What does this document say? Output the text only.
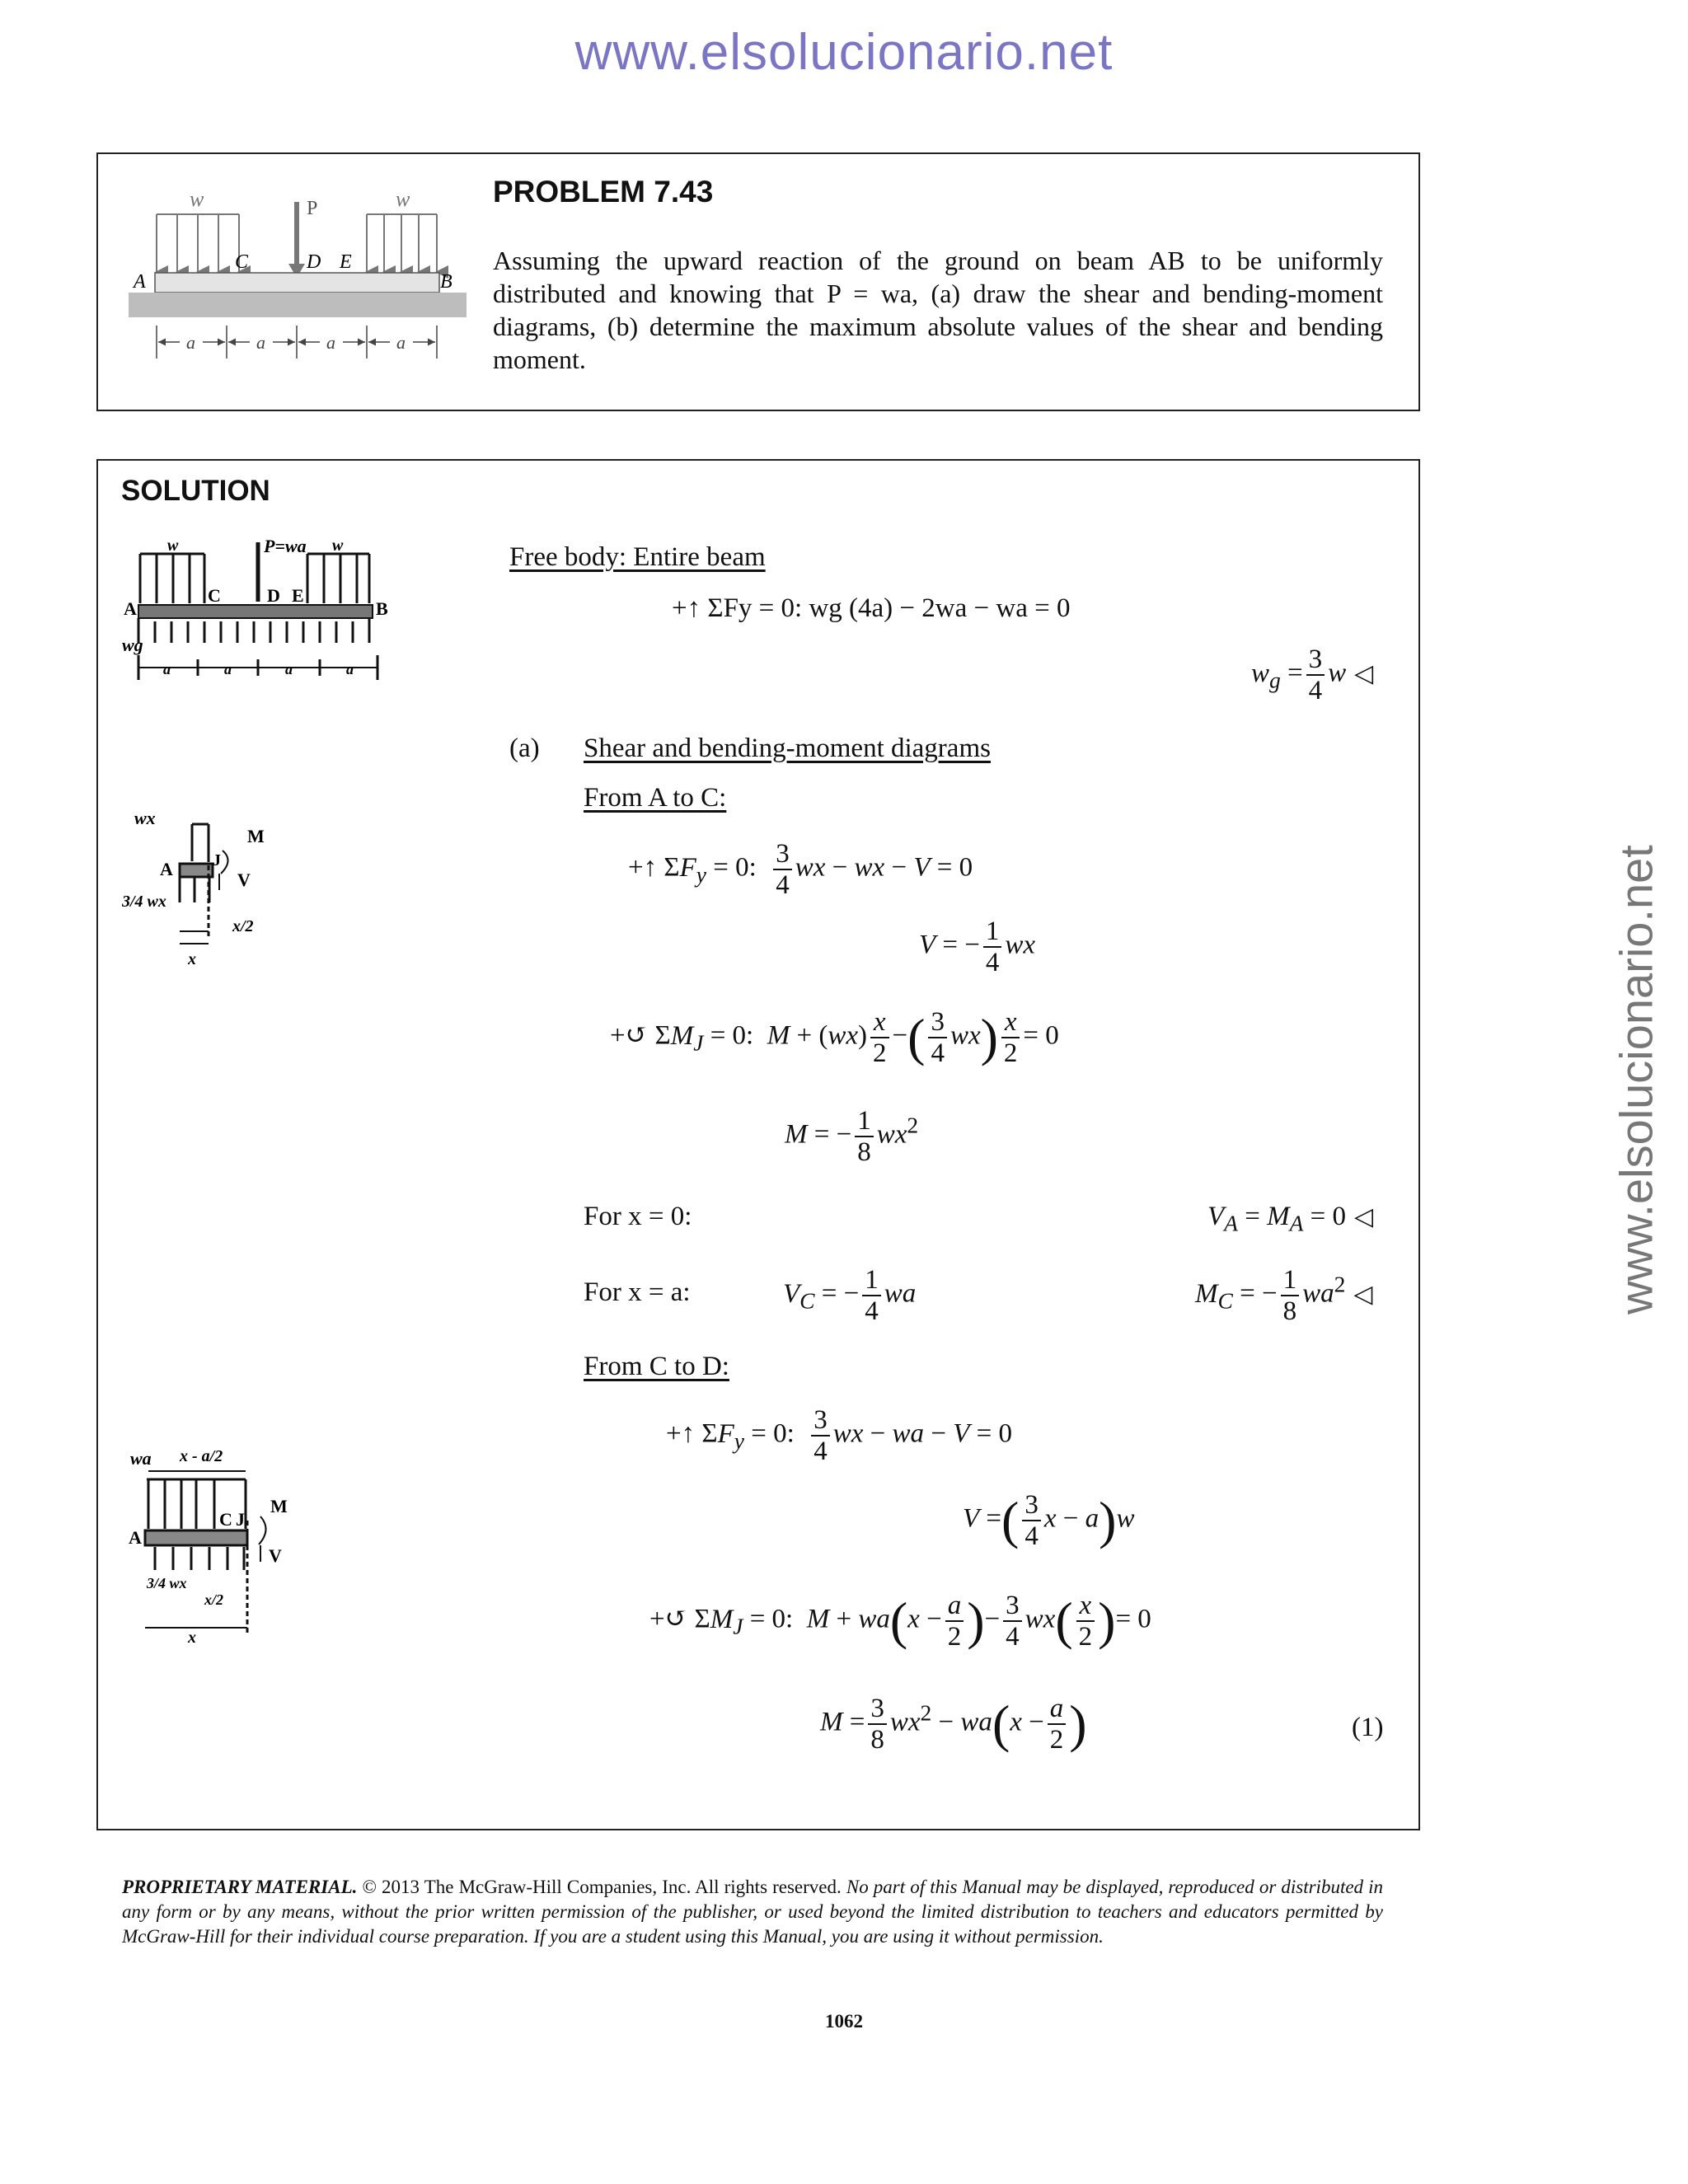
www.elsolucionario.net
www.elsolucionario.net
w	w
P
A	B
C	D E
a	a	a	a
PROBLEM 7.43
Assuming the upward reaction of the ground on beam AB to be uniformly distributed and knowing that P = wa, (a) draw the shear and bending-moment diagrams, (b) determine the maximum absolute values of the shear and bending moment.
SOLUTION
w	P=wa w
A	B
C	D E
wg
a	a	a	a
wx
A J
M
V
3/4 wx
x/2
x
wa x - a/2
A
C J
M
V
3/4 wx
x/2
x
Free body: Entire beam
+↑ ΣFy = 0: wg (4a) − 2wa − wa = 0
$w_g = \frac{3}{4}$ w ◁
(a) Shear and bending-moment diagrams
From A to C:
+↑ $\Sigma F_y = 0$: $\frac{3}{4}$ wx − wx − V = 0
V = − $\frac{1}{4}$ wx
+↺ $\Sigma M_J = 0$:  $M + (wx) \frac{x}{2}$ −( $\frac{3}{4} wx) \frac{x}{2} = 0$
M = − $\frac{1}{8} wx^2$
For x = 0:	$V_A = M_A = 0$ ◁
For x = a:	$V_C$ = − $\frac{1}{4}$ wa	$M_C$ = − $\frac{1}{8} wa^2$ ◁
From C to D:
+↑ $\Sigma F_y = 0$: $\frac{3}{4}$ wx − wa − V = 0
V =( $\frac{3}{4}$ x − a)w
+↺ $\Sigma M_J = 0$:  $M + wa(x - \frac{a}{2}$ )− $\frac{3}{4} wx( \frac{x}{2}$ )= 0
$M = \frac{3}{8} wx^2 - wa(x - \frac{a}{2}$ )	(1)
PROPRIETARY MATERIAL. © 2013 The McGraw-Hill Companies, Inc. All rights reserved. No part of this Manual may be displayed, reproduced or distributed in any form or by any means, without the prior written permission of the publisher, or used beyond the limited distribution to teachers and educators permitted by McGraw-Hill for their individual course preparation. If you are a student using this Manual, you are using it without permission.
1062
